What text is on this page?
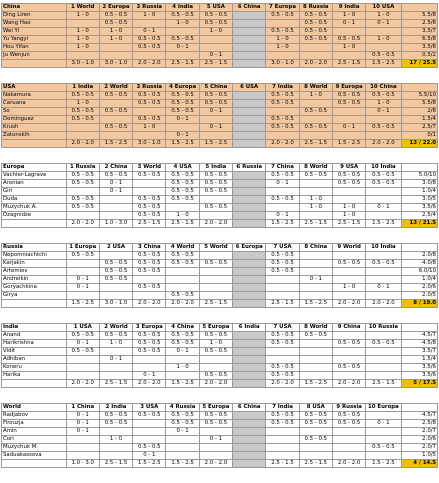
China	1 World	2 Europa	3 Russia	4 India	5 USA	6 China	7 Europa	8 Russia	9 India	10 USA	
Ding Liren	1 - 0	0.5 - 0.5	1 - 0	0.5 - 0.5	0.5 - 0.5		0.5 - 0.5	0.5 - 0.5	1 - 0	1 - 0	5.5/8
Wang Hao		0.5 - 0.5		1 - 0	0.5 - 0.5			0.5 - 0.5	0 - 1	0 - 1	2.5/6
Wei Yi	1 - 0	1 - 0	0 - 1		1 - 0		0.5 - 0.5	0.5 - 0.5			3.5/7
Yu Yangyi	1 - 0	1 - 0	0.5 - 0.5	0.5 - 0.5			1 - 0	0.5 - 0.5	0.5 - 0.5	1 - 0	6.5/8
Hou Yifan	1 - 0		0.5 - 0.5	0 - 1			1 - 0		1 - 0		3.5/6
Ju Wenjun					0 - 1					0.5 - 0.5	0.5/2
	3.0 - 1.0	3.0 - 1.0	2.0 - 2.0	2.5 - 1.5	2.5 - 1.5		3.0 - 1.0	2.0 - 2.0	2.5 - 1.5	1.5 - 2.5	17 / 25.5
USA	1 India	2 World	3 Russia	4 Europa	5 China	6 USA	7 India	8 World	9 Europa	10 China	
Nakamura	0.5 - 0.5	0.5 - 0.5	0.5 - 0.5	0.5 - 0.5	0.5 - 0.5		0.5 - 0.5	1 - 0	0.5 - 0.5	0.5 - 0.5	5.5/10
Caruana	1 - 0		0.5 - 0.5	0.5 - 0.5	0.5 - 0.5		0.5 - 0.5		0.5 - 0.5	1 - 0	5.5/8
So	0.5 - 0.5	0.5 - 0.5		0.5 - 0.5	0 - 1			0.5 - 0.5		0 - 1	2/6
Dominguez	0.5 - 0.5		0.5 - 0.5	0 - 1			0.5 - 0.5				1.5/4
Krush		0.5 - 0.5	1 - 0		0 - 1		0.5 - 0.5	0.5 - 0.5	0 - 1	0.5 - 0.5	2.5/7
Zatonskih				0 - 1							0/1
	2.0 - 2.0	1.5 - 2.5	3.0 - 1.0	1.5 - 2.5	1.5 - 2.5		2.0 - 2.0	2.5 - 1.5	1.5 - 2.5	2.0 - 2.0	13 / 22.0
Europa	1 Russia	2 China	3 World	4 USA	5 India	6 Russia	7 China	8 World	9 USA	10 India	
Vachier-Lagrave	0.5 - 0.5	0.5 - 0.5	0.5 - 0.5	0.5 - 0.5	0.5 - 0.5		0.5 - 0.5	0.5 - 0.5	0.5 - 0.5	0.5 - 0.5	5.0/10
Aronian	0.5 - 0.5	0 - 1		0.5 - 0.5	0.5 - 0.5		0 - 1		0.5 - 0.5	0.5 - 0.5	3.0/8
Giri		0 - 1		0.5 - 0.5	0.5 - 0.5						1.0/4
Duda	0.5 - 0.5		0.5 - 0.5	0.5 - 0.5			0.5 - 0.5	1 - 0			3.0/5
Muzychuk A.	0.5 - 0.5		0.5 - 0.5		0.5 - 0.5			1 - 0	1 - 0	0 - 1	3.5/6
Dzagnidze			0.5 - 0.5	1 - 0			0 - 1		1 - 0		2.5/4
	2.0 - 2.0	1.0 - 3.0	2.5 - 1.5	2.5 - 1.5	2.0 - 2.0		1.5 - 2.5	2.5 - 1.5	2.5 - 1.5	1.5 - 2.5	13 / 21.5
Russia	1 Europa	2 USA	3 China	4 World	5 World	6 Europa	7 USA	8 China	9 World	10 India	
Nepomniachtchi	0.5 - 0.5		0.5 - 0.5	0.5 - 0.5			0.5 - 0.5				2.0/8
Karjakin		0.5 - 0.5	0.5 - 0.5	0.5 - 0.5	0.5 - 0.5		0.5 - 0.5		0.5 - 0.5	0.5 - 0.5	4.0/8
Artemiev		0.5 - 0.5	0.5 - 0.5				0.5 - 0.5				6.0/10
Andreikin	0 - 1	0.5 - 0.5						0 - 1			1.0/4
Goryachkina	0 - 1		0.5 - 0.5						1 - 0	0 - 1	2.0/6
Girya				0.5 - 0.5							2.0/5
	1.5 - 2.5	3.0 - 1.0	2.0 - 2.0	2.0 - 2.0	2.5 - 1.5		2.5 - 1.5	1.5 - 2.5	2.0 - 2.0	2.0 - 2.0	8 / 19.0
India	1 USA	2 World	3 Europa	4 China	5 Europa	6 India	7 USA	8 World	9 China	10 Russia	
Anand	0.5 - 0.5	0.5 - 0.5	0.5 - 0.5	0.5 - 0.5	0.5 - 0.5		0.5 - 0.5	0.5 - 0.5			4.5/7
Harikrishna	0 - 1	1 - 0	0.5 - 0.5	0.5 - 0.5	1 - 0		0.5 - 0.5		0.5 - 0.5	0.5 - 0.5	4.5/8
Vidit	0.5 - 0.5		0.5 - 0.5	0 - 1	0.5 - 0.5						3.5/7
Adhiban		0 - 1									1.5/4
Koneru				1 - 0			0.5 - 0.5		0.5 - 0.5		3.5/6
Harika			0 - 1		0.5 - 0.5		0.5 - 0.5				3.5/6
	2.0 - 2.0	2.5 - 1.5	2.0 - 2.0	1.5 - 2.5	2.0 - 2.0		2.0 - 2.0	1.5 - 2.5	2.0 - 2.0	2.5 - 1.5	5 / 17.5
World	1 China	2 India	3 USA	4 Russia	5 Europa	6 China	7 India	8 USA	9 Russia	10 Europa	
Radjabov	0 - 1	0.5 - 0.5	0.5 - 0.5	0.5 - 0.5	0.5 - 0.5		0.5 - 0.5	0.5 - 0.5	0.5 - 0.5		4.5/7
Firouzja	0 - 1	0.5 - 0.5		0.5 - 0.5	0.5 - 0.5		0.5 - 0.5	0.5 - 0.5	0.5 - 0.5	0 - 1	2.5/8
Amin	0 - 1			0 - 1							2.0/7
Cori		1 - 0			0 - 1			0.5 - 0.5			2.0/6
Muzychuk M.			0.5 - 0.5							0.5 - 0.5	2.0/7
Saduakassova			0 - 1								1.0/5
	1.0 - 3.0	2.5 - 1.5	1.5 - 2.5	1.5 - 2.5	2.0 - 2.0		2.5 - 1.5	2.5 - 1.5	2.0 - 2.0	1.5 - 2.5	4 / 14.5
